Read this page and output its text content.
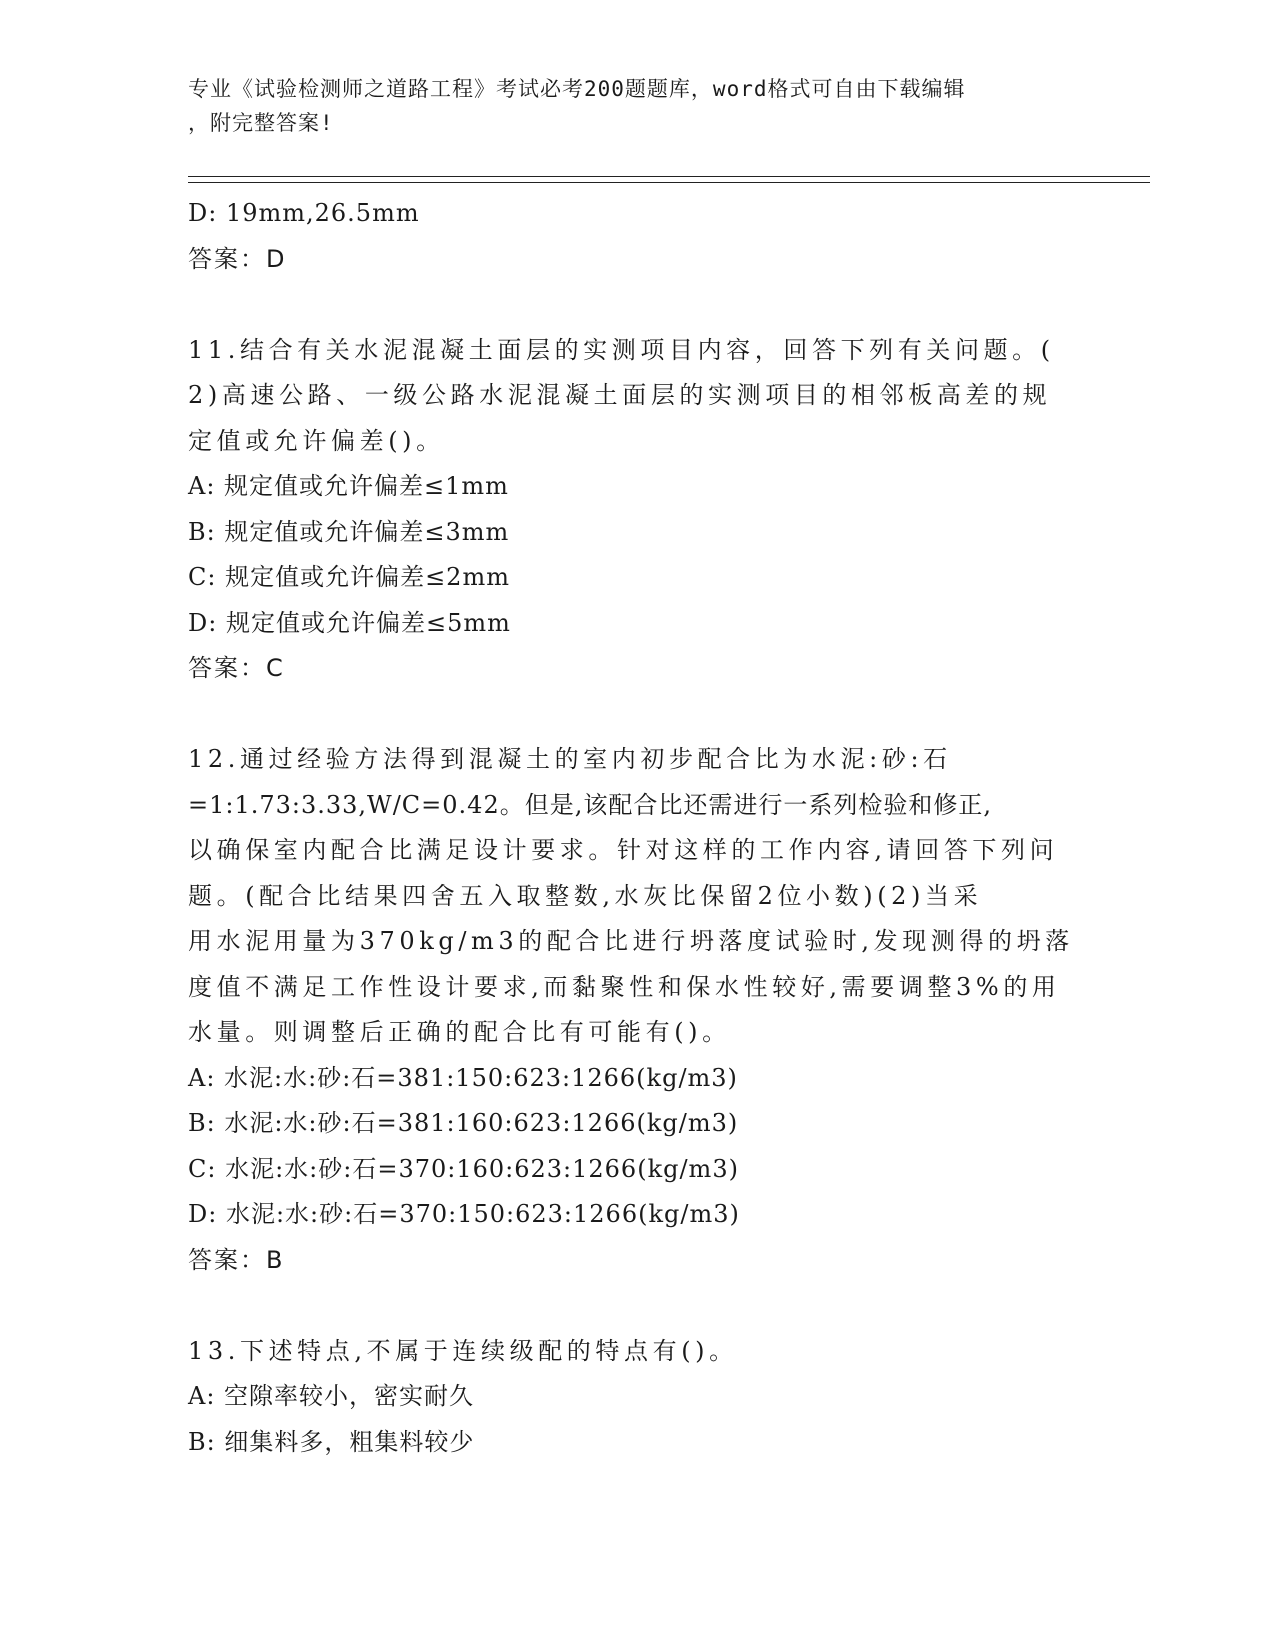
专业《试验检测师之道路工程》考试必考200题题库，word格式可自由下载编辑
，附完整答案!
D: 19mm,26.5mm
答案：D
11.结合有关水泥混凝土面层的实测项目内容，回答下列有关问题。(
2)高速公路、一级公路水泥混凝土面层的实测项目的相邻板高差的规
定值或允许偏差()。
A: 规定值或允许偏差≤1mm
B: 规定值或允许偏差≤3mm
C: 规定值或允许偏差≤2mm
D: 规定值或允许偏差≤5mm
答案：C
12.通过经验方法得到混凝土的室内初步配合比为水泥:砂:石
=1:1.73:3.33,W/C=0.42。但是,该配合比还需进行一系列检验和修正,
以确保室内配合比满足设计要求。针对这样的工作内容,请回答下列问
题。(配合比结果四舍五入取整数,水灰比保留2位小数)(2)当采
用水泥用量为370kg/m3的配合比进行坍落度试验时,发现测得的坍落
度值不满足工作性设计要求,而黏聚性和保水性较好,需要调整3%的用
水量。则调整后正确的配合比有可能有()。
A: 水泥:水:砂:石=381:150:623:1266(kg/m3)
B: 水泥:水:砂:石=381:160:623:1266(kg/m3)
C: 水泥:水:砂:石=370:160:623:1266(kg/m3)
D: 水泥:水:砂:石=370:150:623:1266(kg/m3)
答案：B
13.下述特点,不属于连续级配的特点有()。
A: 空隙率较小，密实耐久
B: 细集料多，粗集料较少
